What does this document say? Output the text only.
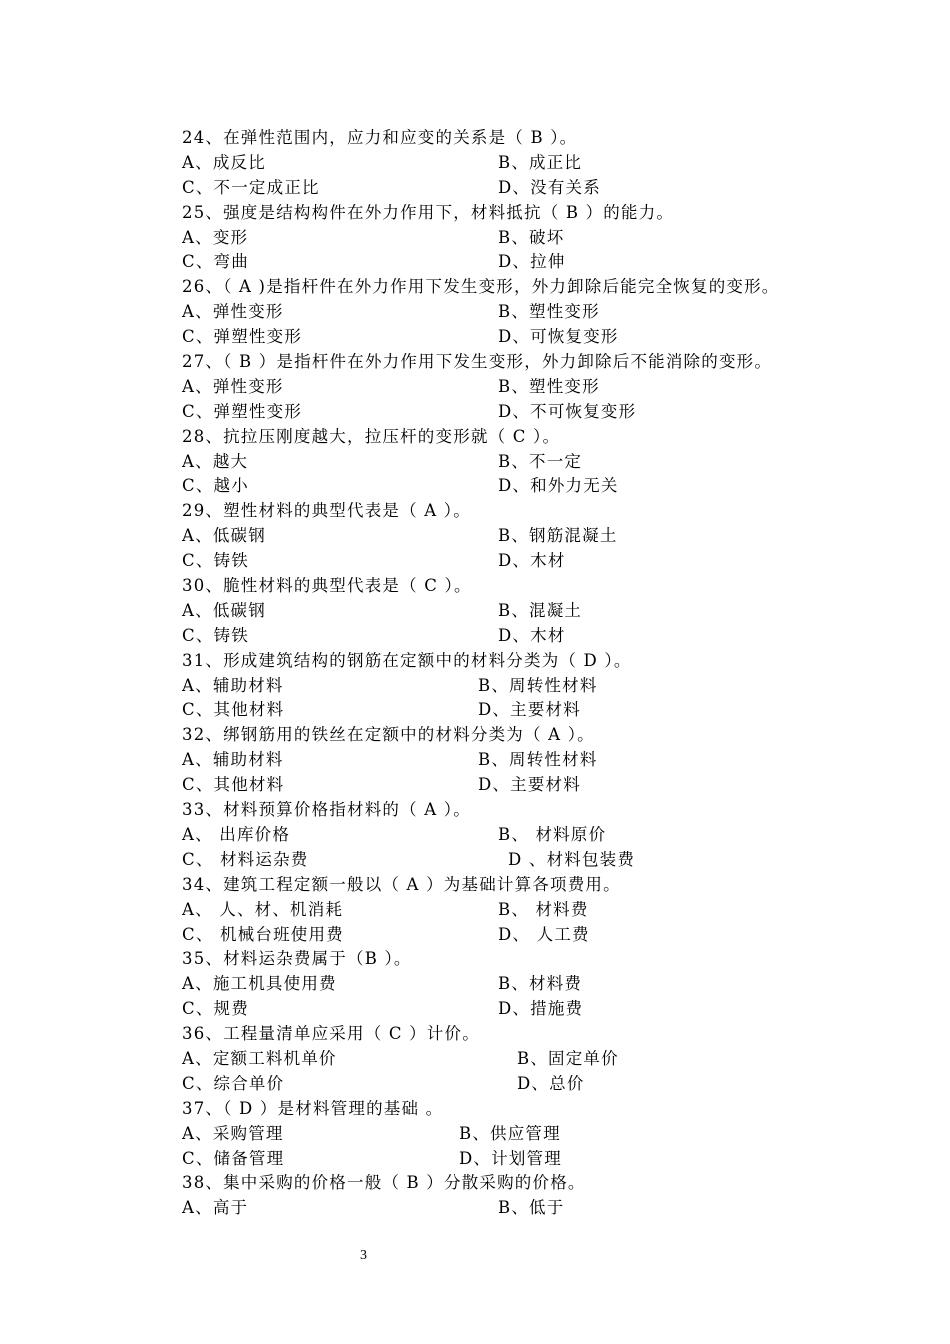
24、在弹性范围内，应力和应变的关系是（ B ）。
A、成反比	B、成正比
C、不一定成正比	D、没有关系
25、强度是结构构件在外力作用下，材料抵抗（ B ）的能力。
A、变形	B、破坏
C、弯曲	D、拉伸
26、（ A )是指杆件在外力作用下发生变形，外力卸除后能完全恢复的变形。
A、弹性变形	B、塑性变形
C、弹塑性变形	D、可恢复变形
27、（ B ）是指杆件在外力作用下发生变形，外力卸除后不能消除的变形。
A、弹性变形	B、塑性变形
C、弹塑性变形	D、不可恢复变形
28、抗拉压刚度越大，拉压杆的变形就（ C ）。
A、越大	B、不一定
C、越小	D、和外力无关
29、塑性材料的典型代表是（ A ）。
A、低碳钢	B、钢筋混凝土
C、铸铁	D、木材
30、脆性材料的典型代表是（ C ）。
A、低碳钢	B、混凝土
C、铸铁	D、木材
31、形成建筑结构的钢筋在定额中的材料分类为（ D ）。
A、辅助材料	B、周转性材料
C、其他材料	D、主要材料
32、绑钢筋用的铁丝在定额中的材料分类为（ A ）。
A、辅助材料	B、周转性材料
C、其他材料	D、主要材料
33、材料预算价格指材料的（ A ）。
A、 出库价格	B、 材料原价
C、 材料运杂费	D 、材料包装费
34、建筑工程定额一般以（ A ）为基础计算各项费用。
A、 人、材、机消耗	B、 材料费
C、 机械台班使用费	D、 人工费
35、材料运杂费属于（B ）。
A、施工机具使用费	B、材料费
C、规费	D、措施费
36、工程量清单应采用（ C ）计价。
A、定额工料机单价	B、固定单价
C、综合单价	D、总价
37、（ D ）是材料管理的基础 。
A、采购管理	B、供应管理
C、储备管理	D、计划管理
38、集中采购的价格一般（ B ）分散采购的价格。
A、高于	B、低于
3
